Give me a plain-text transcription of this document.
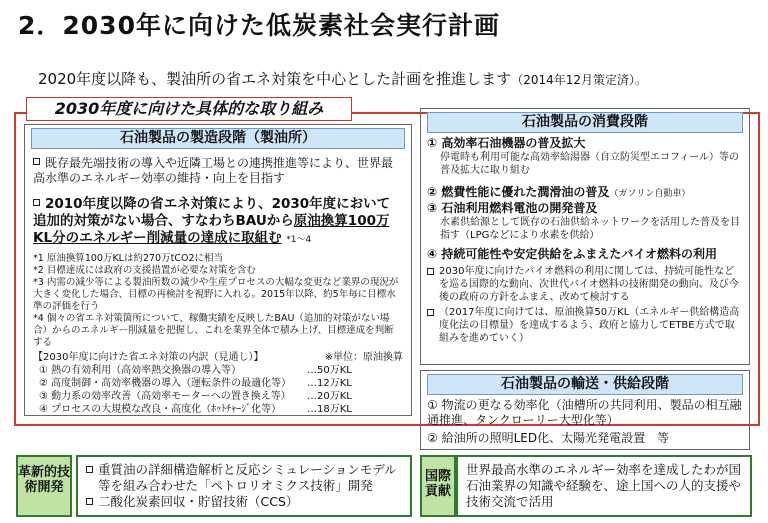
2．2030年に向けた低炭素社会実行計画
2020年度以降も、製油所の省エネ対策を中心とした計画を推進します（2014年12月策定済）。
2030年度に向けた具体的な取り組み
石油製品の製造段階（製油所）
既存最先端技術の導入や近隣工場との連携推進等により、世界最高水準のエネルギー効率の維持・向上を目指す
2010年度以降の省エネ対策により、2030年度において追加的対策がない場合、すなわちBAUから原油換算100万KL分のエネルギー削減量の達成に取組む *1〜4
*1 原油換算100万KLは約270万tCO2に相当
*2 目標達成には政府の支援措置が必要な対策を含む
*3 内需の減少等による製油所数の減少や生産プロセスの大幅な変更など業界の現況が大きく変化した場合、目標の再検討を視野に入れる。2015年以降、約5年毎に目標水準の評価を行う
*4 個々の省エネ対策箇所について、稼働実績を反映したBAU（追加的対策がない場合）からのエネルギー削減量を把握し、これを業界全体で積み上げ、目標達成を判断する
【2030年度に向けた省エネ対策の内訳（見通し）】	※単位：原油換算
① 熱の有効利用（高効率熱交換器の導入等）	…50万KL
② 高度制御・高効率機器の導入（運転条件の最適化等）	…12万KL
③ 動力系の効率改善（高効率モーターへの置き換え等）	…20万KL
④ プロセスの大規模な改良・高度化（ﾎｯﾄﾁｬｰｼﾞ化等）	…18万KL
石油製品の消費段階
① 高効率石油機器の普及拡大
停電時も利用可能な高効率給湯器（自立防災型エコフィール）等の普及拡大に取り組む
② 燃費性能に優れた潤滑油の普及（ガソリン自動車）
③ 石油利用燃料電池の開発普及
水素供給源として既存の石油供給ネットワークを活用した普及を目指す（LPGなどにより水素を供給）
④ 持続可能性や安定供給をふまえたバイオ燃料の利用
2030年度に向けたバイオ燃料の利用に関しては、持続可能性などを巡る国際的な動向、次世代バイオ燃料の技術開発の動向、及び今後の政府の方針をふまえ、改めて検討する
（2017年度に向けては、原油換算50万KL（エネルギー供給構造高度化法の目標量）を達成するよう、政府と協力してETBE方式で取組みを進めていく）
石油製品の輸送・供給段階
① 物流の更なる効率化（油槽所の共同利用、製品の相互融通推進、タンクローリー大型化等）
② 給油所の照明LED化、太陽光発電設置　等
革新的技術開発
重質油の詳細構造解析と反応シミュレーションモデル等を組み合わせた「ペトロリオミクス技術」開発
二酸化炭素回収・貯留技術（CCS）
国際貢献
世界最高水準のエネルギー効率を達成したわが国石油業界の知識や経験を、途上国への人的支援や技術交流で活用
